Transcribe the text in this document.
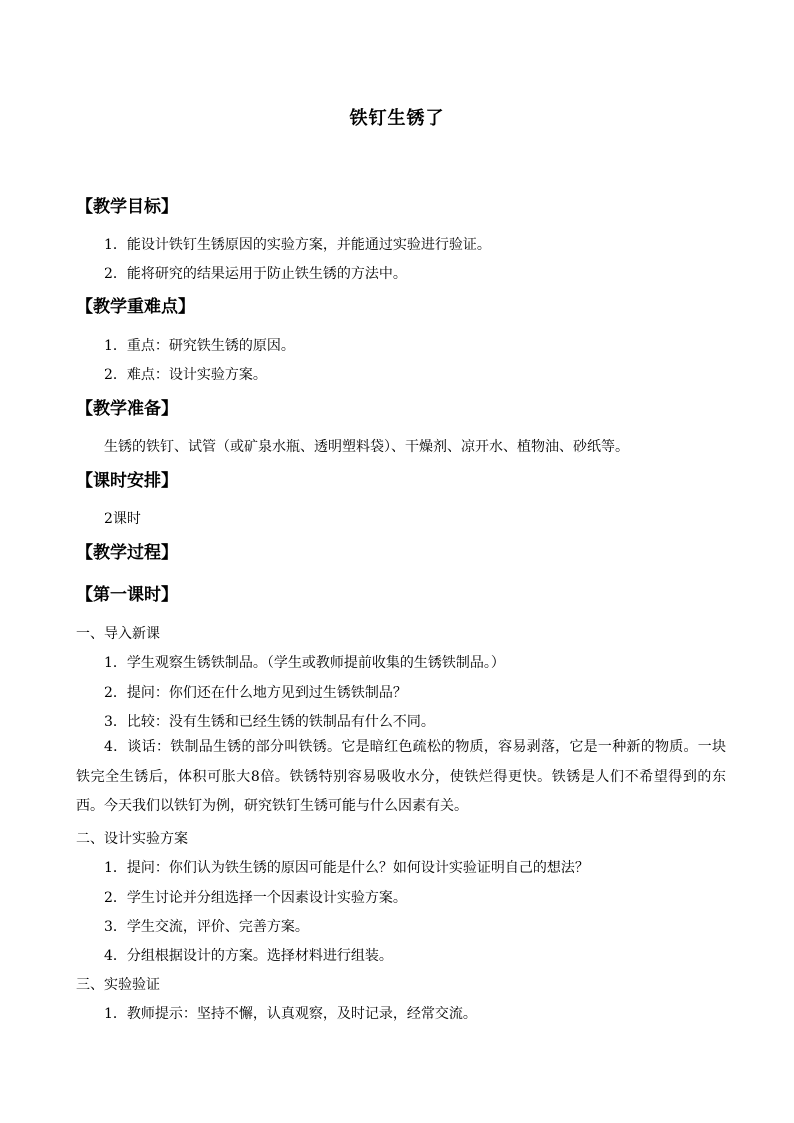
铁钉生锈了
【教学目标】
1．能设计铁钉生锈原因的实验方案，并能通过实验进行验证。
2．能将研究的结果运用于防止铁生锈的方法中。
【教学重难点】
1．重点：研究铁生锈的原因。
2．难点：设计实验方案。
【教学准备】
生锈的铁钉、试管（或矿泉水瓶、透明塑料袋）、干燥剂、凉开水、植物油、砂纸等。
【课时安排】
2课时
【教学过程】
【第一课时】
一、导入新课
1．学生观察生锈铁制品。（学生或教师提前收集的生锈铁制品。）
2．提问：你们还在什么地方见到过生锈铁制品？
3．比较：没有生锈和已经生锈的铁制品有什么不同。
4．谈话：铁制品生锈的部分叫铁锈。它是暗红色疏松的物质，容易剥落，它是一种新的物质。一块铁完全生锈后，体积可胀大8倍。铁锈特别容易吸收水分，使铁烂得更快。铁锈是人们不希望得到的东西。今天我们以铁钉为例，研究铁钉生锈可能与什么因素有关。
二、设计实验方案
1．提问：你们认为铁生锈的原因可能是什么？如何设计实验证明自己的想法？
2．学生讨论并分组选择一个因素设计实验方案。
3．学生交流，评价、完善方案。
4．分组根据设计的方案。选择材料进行组装。
三、实验验证
1．教师提示：坚持不懈，认真观察，及时记录，经常交流。
